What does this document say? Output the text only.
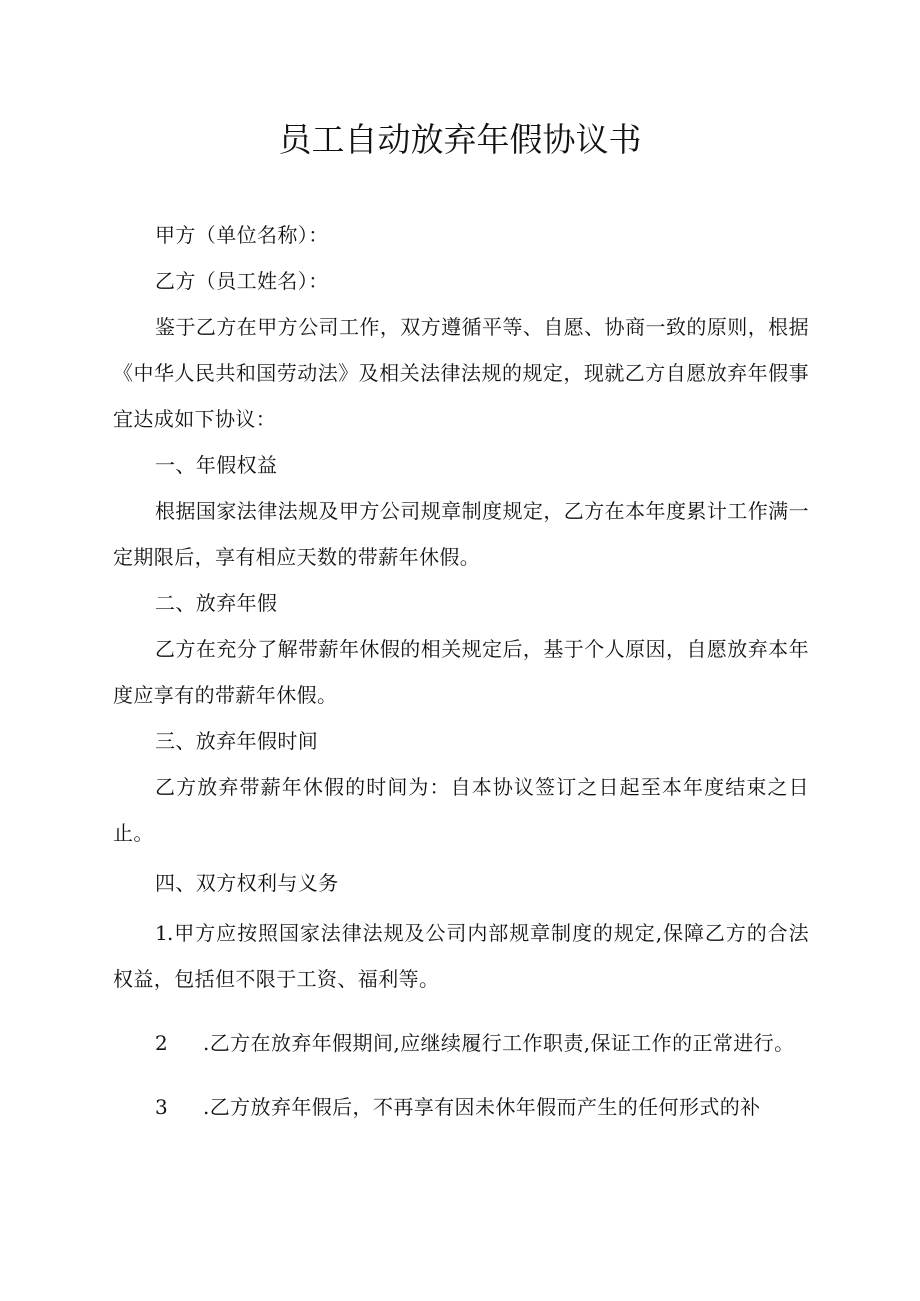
员工自动放弃年假协议书

甲方（单位名称）：

乙方（员工姓名）：

鉴于乙方在甲方公司工作，双方遵循平等、自愿、协商一致的原则，根据《中华人民共和国劳动法》及相关法律法规的规定，现就乙方自愿放弃年假事宜达成如下协议：

一、年假权益

根据国家法律法规及甲方公司规章制度规定，乙方在本年度累计工作满一定期限后，享有相应天数的带薪年休假。

二、放弃年假

乙方在充分了解带薪年休假的相关规定后，基于个人原因，自愿放弃本年度应享有的带薪年休假。

三、放弃年假时间

乙方放弃带薪年休假的时间为：自本协议签订之日起至本年度结束之日止。

四、双方权利与义务

1.甲方应按照国家法律法规及公司内部规章制度的规定,保障乙方的合法权益，包括但不限于工资、福利等。

2 .乙方在放弃年假期间,应继续履行工作职责,保证工作的正常进行。

3 .乙方放弃年假后，不再享有因未休年假而产生的任何形式的补
